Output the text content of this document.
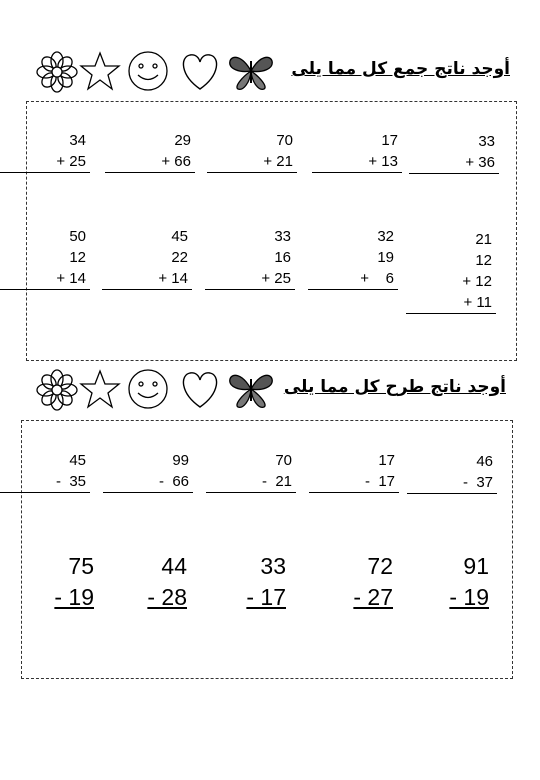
أوجد ناتج جمع كل مما يلى
34
+ 25
29
+ 66
70
+ 21
17
+ 13
33
+ 36
50
12
+ 14
45
22
+ 14
33
16
+ 25
32
19
+    6
21
12
+ 12
+ 11
أوجد ناتج طرح كل مما يلى
45
-  35
99
-  66
70
-  21
17
-  17
46
-  37
75
- 19
44
- 28
33
- 17
72
- 27
91
- 19
